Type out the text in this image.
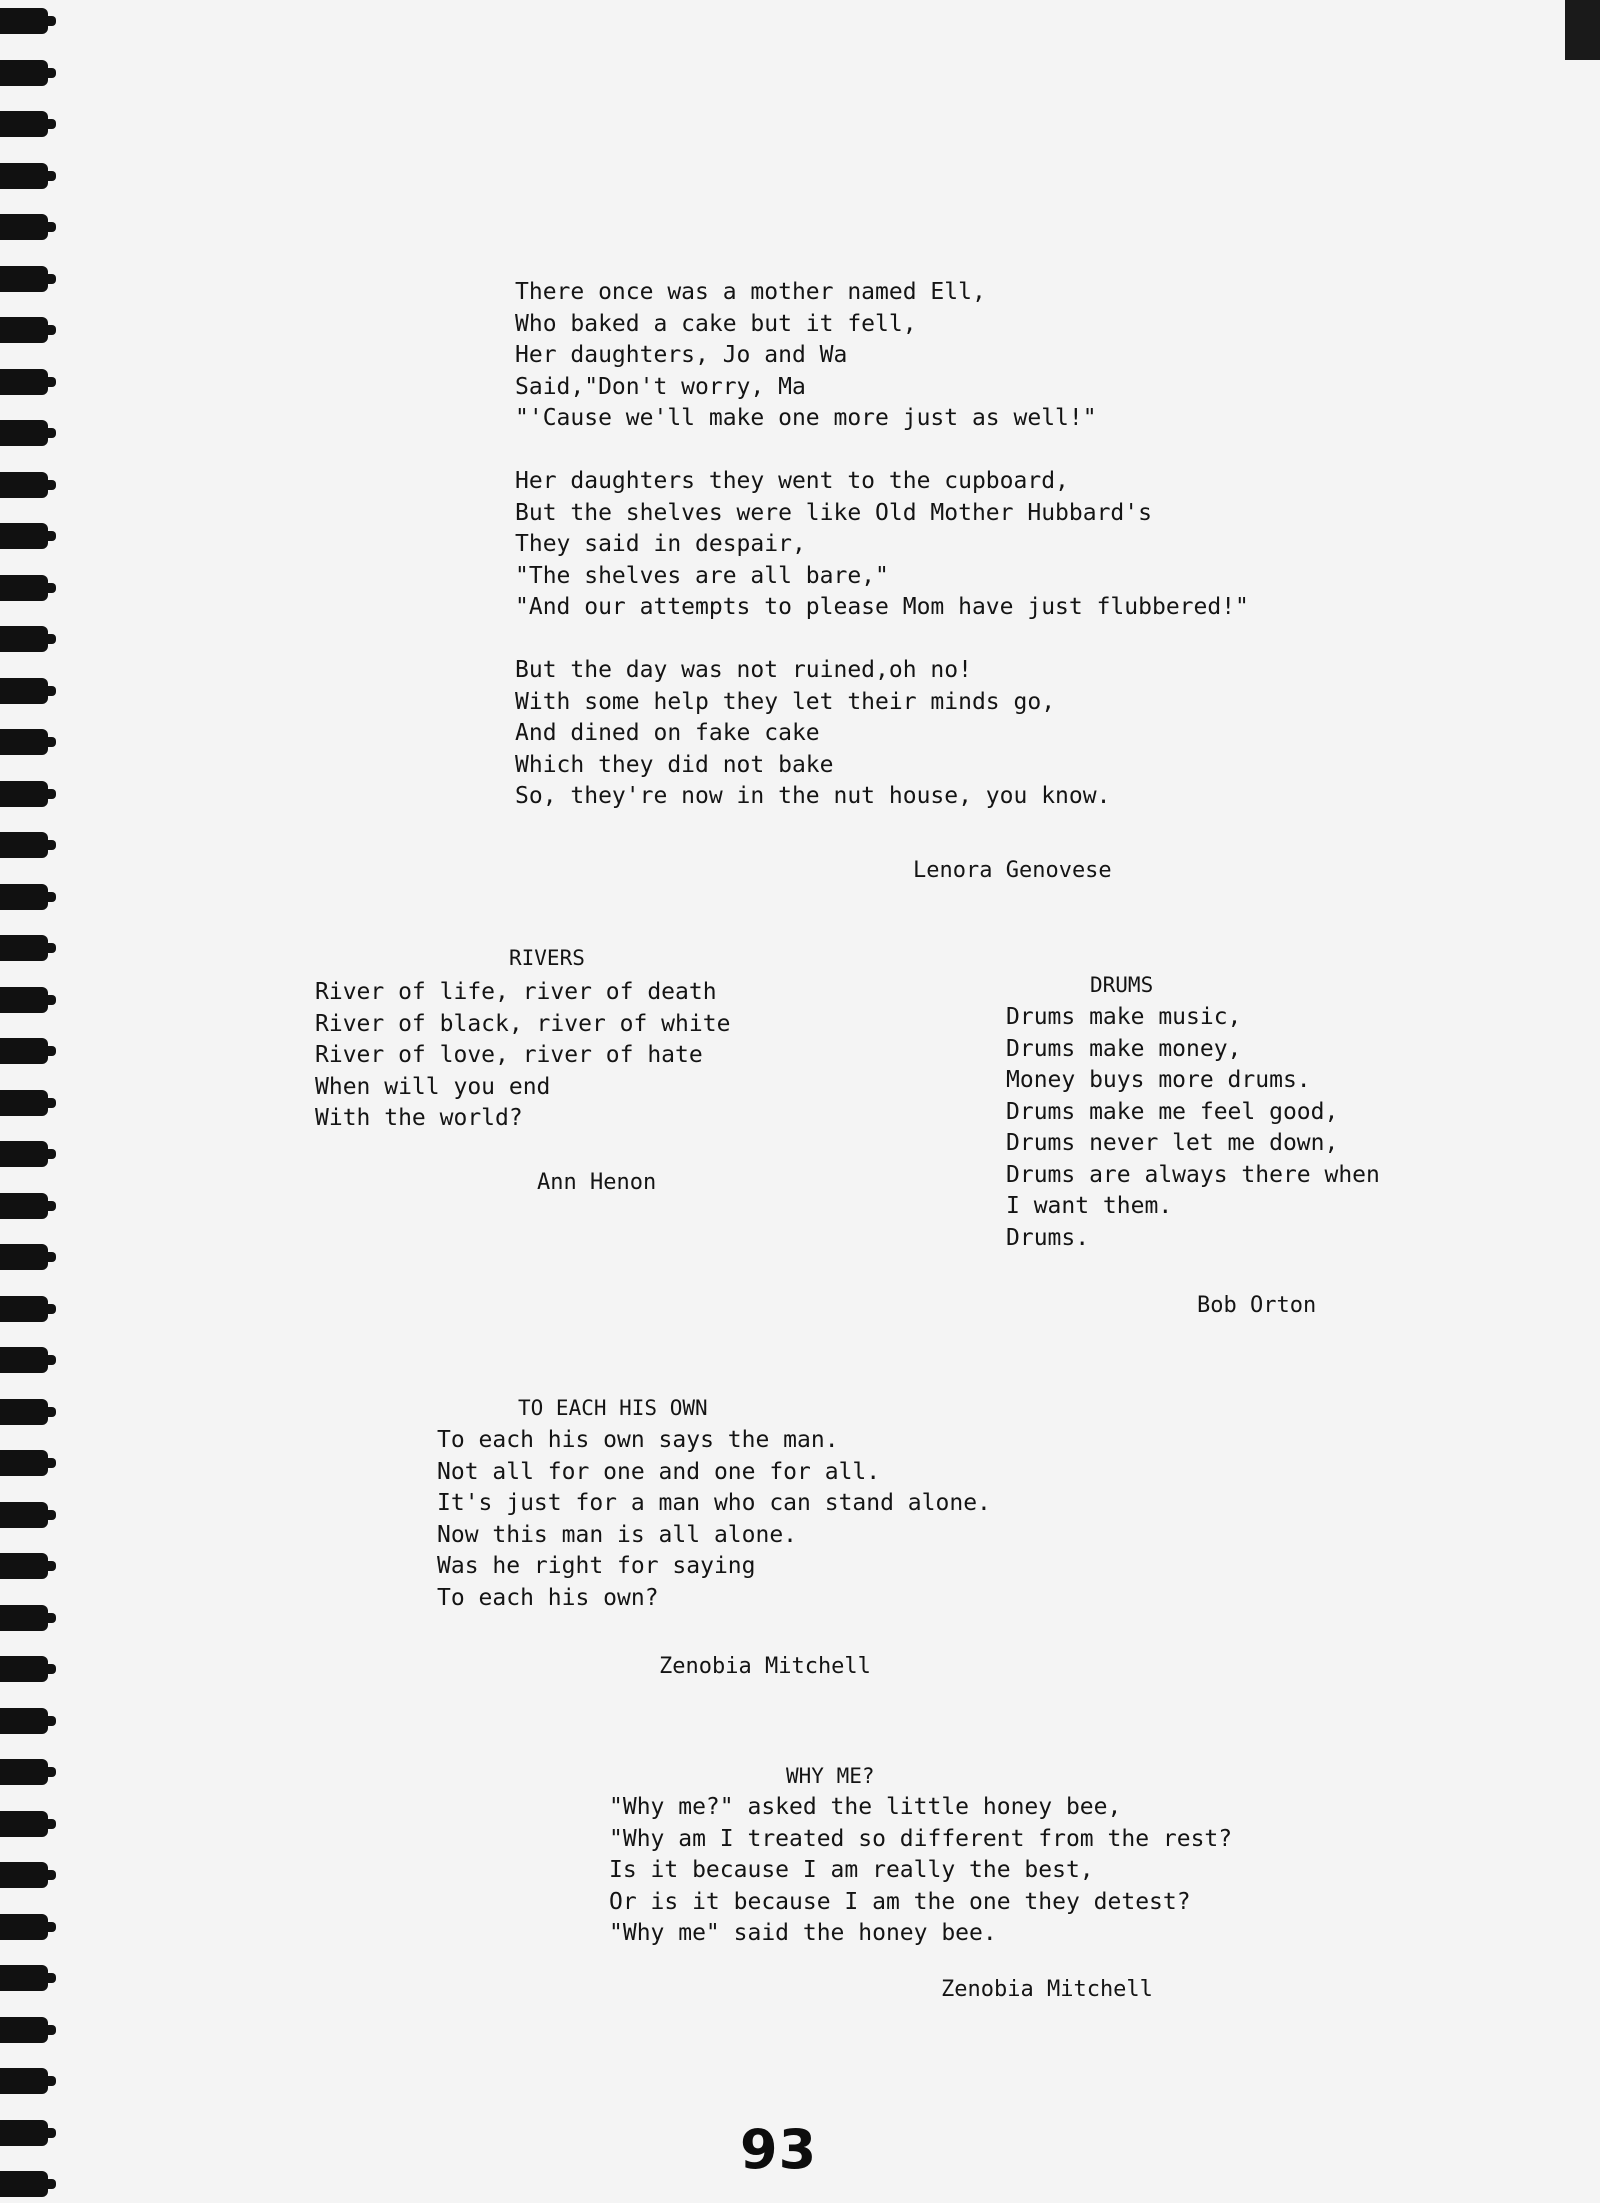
There once was a mother named Ell,
Who baked a cake but it fell,
Her daughters, Jo and Wa
Said,"Don't worry, Ma
"'Cause we'll make one more just as well!"
Her daughters they went to the cupboard,
But the shelves were like Old Mother Hubbard's
They said in despair,
"The shelves are all bare,"
"And our attempts to please Mom have just flubbered!"
But the day was not ruined,oh no!
With some help they let their minds go,
And dined on fake cake
Which they did not bake
So, they're now in the nut house, you know.
Lenora Genovese
RIVERS
River of life, river of death
River of black, river of white
River of love, river of hate
When will you end
With the world?
Ann Henon
DRUMS
Drums make music,
Drums make money,
Money buys more drums.
Drums make me feel good,
Drums never let me down,
Drums are always there when
I want them.
Drums.
Bob Orton
TO EACH HIS OWN
To each his own says the man.
Not all for one and one for all.
It's just for a man who can stand alone.
Now this man is all alone.
Was he right for saying
To each his own?
Zenobia Mitchell
WHY ME?
"Why me?" asked the little honey bee,
"Why am I treated so different from the rest?
Is it because I am really the best,
Or is it because I am the one they detest?
"Why me" said the honey bee.
Zenobia Mitchell
93
